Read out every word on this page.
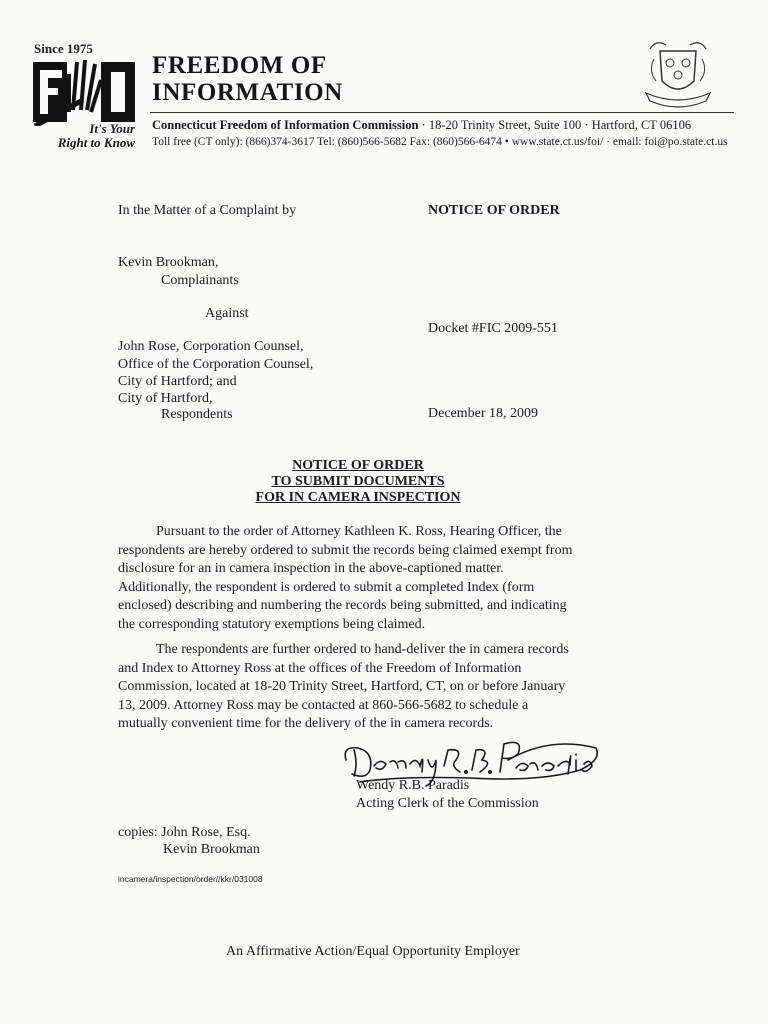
Since 1975
It's Your
Right to Know
FREEDOM OF
INFORMATION
Connecticut Freedom of Information Commission · 18-20 Trinity Street, Suite 100 · Hartford, CT 06106
Toll free (CT only): (866)374-3617 Tel: (860)566-5682 Fax: (860)566-6474 • www.state.ct.us/foi/ · email: foi@po.state.ct.us
In the Matter of a Complaint by	NOTICE OF ORDER
Kevin Brookman,
Complainants
Against
Docket #FIC 2009-551
John Rose, Corporation Counsel,
Office of the Corporation Counsel,
City of Hartford; and
City of Hartford,
Respondents	December 18, 2009
NOTICE OF ORDER
TO SUBMIT DOCUMENTS
FOR IN CAMERA INSPECTION
Pursuant to the order of Attorney Kathleen K. Ross, Hearing Officer, the
respondents are hereby ordered to submit the records being claimed exempt from
disclosure for an in camera inspection in the above-captioned matter.
Additionally, the respondent is ordered to submit a completed Index (form
enclosed) describing and numbering the records being submitted, and indicating
the corresponding statutory exemptions being claimed.
The respondents are further ordered to hand-deliver the in camera records
and Index to Attorney Ross at the offices of the Freedom of Information
Commission, located at 18-20 Trinity Street, Hartford, CT, on or before January
13, 2009. Attorney Ross may be contacted at 860-566-5682 to schedule a
mutually convenient time for the delivery of the in camera records.
Wendy R.B. Paradis
Acting Clerk of the Commission
copies: John Rose, Esq.
Kevin Brookman
incamera/inspection/order//kkr/031008
An Affirmative Action/Equal Opportunity Employer
